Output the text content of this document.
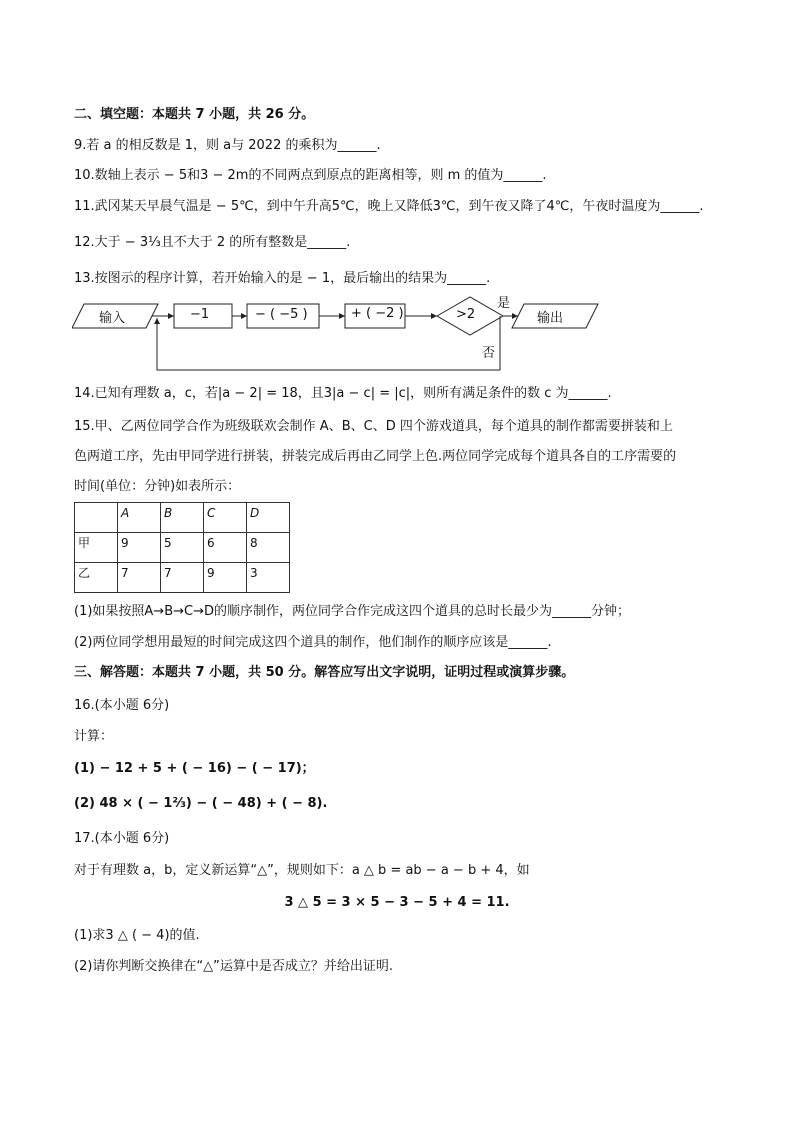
二、填空题：本题共 7 小题，共 26 分。
9.若 a 的相反数是 1，则 a与 2022 的乘积为______.
10.数轴上表示 − 5和3 − 2m的不同两点到原点的距离相等，则 m 的值为______.
11.武冈某天早晨气温是 − 5℃，到中午升高5℃，晚上又降低3℃，到午夜又降了4℃，午夜时温度为______.
12.大于 − 3⅓且不大于 2 的所有整数是______.
13.按图示的程序计算，若开始输入的是 − 1，最后输出的结果为______.
输入	−1	− ( −5 )	+ ( −2 )	>2	输出
是
否
14.已知有理数 a，c，若|a − 2| = 18，且3|a − c| = |c|，则所有满足条件的数 c 为______.
15.甲、乙两位同学合作为班级联欢会制作 A、B、C、D 四个游戏道具，每个道具的制作都需要拼装和上
色两道工序，先由甲同学进行拼装，拼装完成后再由乙同学上色.两位同学完成每个道具各自的工序需要的
时间(单位：分钟)如表所示：
	A	B	C	D
甲	9	5	6	8
乙	7	7	9	3
(1)如果按照A→B→C→D的顺序制作，两位同学合作完成这四个道具的总时长最少为______分钟；
(2)两位同学想用最短的时间完成这四个道具的制作，他们制作的顺序应该是______.
三、解答题：本题共 7 小题，共 50 分。解答应写出文字说明，证明过程或演算步骤。
16.(本小题 6分)
计算：
(1) − 12 + 5 + ( − 16) − ( − 17)；
(2) 48 × ( − 1⅔) − ( − 48) + ( − 8).
17.(本小题 6分)
对于有理数 a，b，定义新运算“△”，规则如下：a △ b = ab − a − b + 4，如
3 △ 5 = 3 × 5 − 3 − 5 + 4 = 11.
(1)求3 △ ( − 4)的值.
(2)请你判断交换律在“△”运算中是否成立？并给出证明.
